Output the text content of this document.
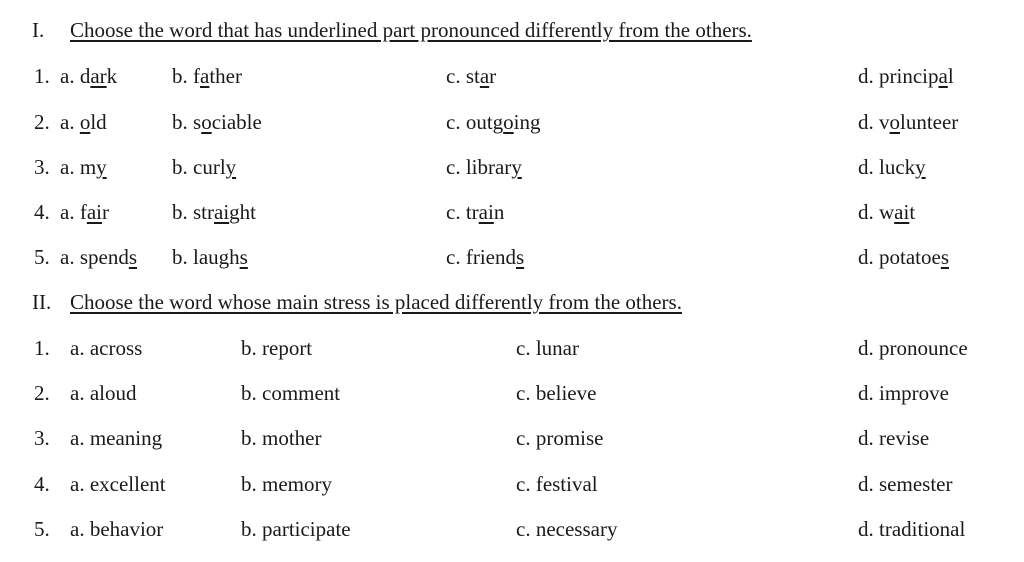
I. Choose the word that has underlined part pronounced differently from the others.
1. a. dark	b. father	c. star	d. principal
2. a. old	b. sociable	c. outgoing	d. volunteer
3. a. my	b. curly	c. library	d. lucky
4. a. fair	b. straight	c. train	d. wait
5. a. spends b. laughs	c. friends	d. potatoes
II. Choose the word whose main stress is placed differently from the others.
1. a. across	b. report	c. lunar	d. pronounce
2. a. aloud	b. comment	c. believe	d. improve
3. a. meaning	b. mother	c. promise	d. revise
4. a. excellent	b. memory	c. festival	d. semester
5. a. behavior	b. participate	c. necessary	d. traditional
